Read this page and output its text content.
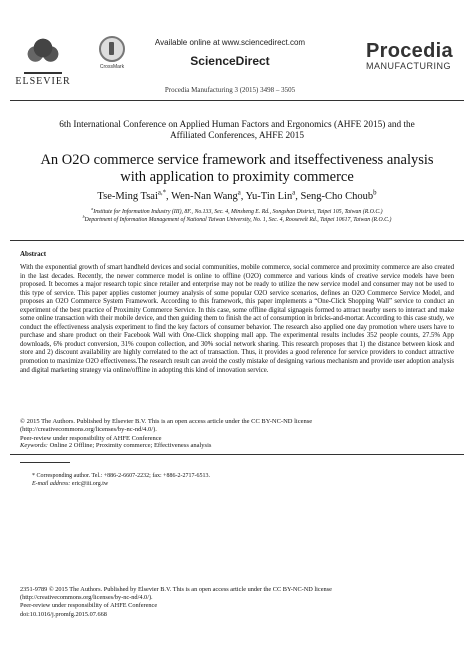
ELSEVIER
CrossMark
Available online at www.sciencedirect.com
ScienceDirect
Procedia Manufacturing 3 (2015) 3498 – 3505
Procedia
MANUFACTURING
6th International Conference on Applied Human Factors and Ergonomics (AHFE 2015) and the
Affiliated Conferences, AHFE 2015
An O2O commerce service framework and itseffectiveness analysis
with application to proximity commerce
Tse-Ming Tsai$^{a,*}$, Wen-Nan Wang$^a$, Yu-Tin Lin$^a$, Seng-Cho Choub$^b$
$^a$Institute for Information Industry (III), 8F., No.133, Sec. 4, Minsheng E. Rd., Songshan District, Taipei 105, Taiwan (R.O.C.)
$^b$Department of Information Management of National Taiwan University, No. 1, Sec. 4, Roosevelt Rd., Taipei 10617, Taiwan (R.O.C.)
Abstract
With the exponential growth of smart handheld devices and social communities, mobile commerce, social commerce and proximity commerce are also created in the last decades. Recently, the newer commerce model is online to offline (O2O) commerce and various kinds of creative service models have been proposed. It becomes a major research topic since retailer and enterprise may not be ready to utilize the new service model and consumer may not be used to this type of service. This paper applies customer journey analysis of some popular O2O service scenarios, defines an O2O Commerce Service Model, and proposes an O2O Commerce System Framework. According to this framework, this paper implements a “One-Click Shopping Wall” service to conduct an experiment of the best practice of Proximity Commerce Service. In this case, some offline digital signageis formed to attract nearby users to interact and make some online transaction with their mobile device, and then guiding them to finish the act of consumption in bricks-and-mortar. According to this case study, we conduct the effectiveness analysis experiment to find the key factors of consumer behavior. The research also applied one day promotion where users have to purchase and share product on their Facebook Wall with One-Click shopping mall app. The experimental results includes 352 people counts, 27.5% App downloads, 6% product conversion, 31% coupon collection, and 30% social network sharing. This research proposes that 1) the distance between kiosk and store and 2) discount availability are highly correlated to the act of transaction. Thus, it provides a good reference for service providers to conduct attractive promotion to maximize O2O effectiveness.The research result can avoid the costly mistake of designing various mechanism and provide user adoption analysis and digital marketing strategy via online/offline in adopting this kind of innovation service.
© 2015 The Authors. Published by Elsevier B.V. This is an open access article under the CC BY-NC-ND license
(http://creativecommons.org/licenses/by-nc-nd/4.0/).
Peer-review under responsibility of AHFE Conference
Keywords: Online 2 Offline; Proximity commerce; Effectiveness analysis
* Corresponding author. Tel.: +886-2-6607-2232; fax: +886-2-2717-6513.
E-mail address: eric@iii.org.tw
2351-9789 © 2015 The Authors. Published by Elsevier B.V. This is an open access article under the CC BY-NC-ND license
(http://creativecommons.org/licenses/by-nc-nd/4.0/).
Peer-review under responsibility of AHFE Conference
doi:10.1016/j.promfg.2015.07.668
